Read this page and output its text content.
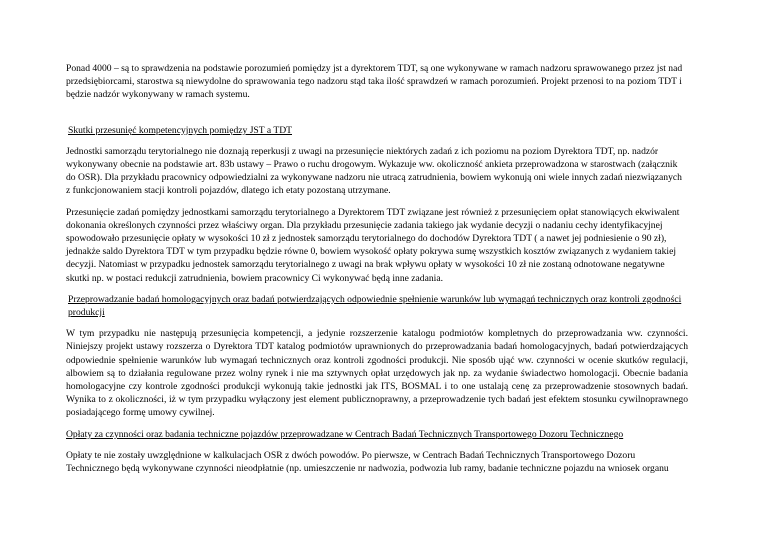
Ponad 4000 – są to sprawdzenia na podstawie porozumień pomiędzy jst a dyrektorem TDT, są one wykonywane w ramach nadzoru sprawowanego przez jst nad przedsiębiorcami, starostwa są niewydolne do sprawowania tego nadzoru stąd taka ilość sprawdzeń w ramach porozumień. Projekt przenosi to na poziom TDT i będzie nadzór wykonywany w ramach systemu.

Skutki przesunięć kompetencyjnych pomiędzy JST a TDT

Jednostki samorządu terytorialnego nie doznają reperkusji z uwagi na przesunięcie niektórych zadań z ich poziomu na poziom Dyrektora TDT, np. nadzór wykonywany obecnie na podstawie art. 83b ustawy – Prawo o ruchu drogowym. Wykazuje ww. okoliczność ankieta przeprowadzona w starostwach (załącznik do OSR). Dla przykładu pracownicy odpowiedzialni za wykonywane nadzoru nie utracą zatrudnienia, bowiem wykonują oni wiele innych zadań niezwiązanych z funkcjonowaniem stacji kontroli pojazdów, dlatego ich etaty pozostaną utrzymane.

Przesunięcie zadań pomiędzy jednostkami samorządu terytorialnego a Dyrektorem TDT związane jest również z przesunięciem opłat stanowiących ekwiwalent dokonania określonych czynności przez właściwy organ. Dla przykładu przesunięcie zadania takiego jak wydanie decyzji o nadaniu cechy identyfikacyjnej spowodowało przesunięcie opłaty w wysokości 10 zł z jednostek samorządu terytorialnego do dochodów Dyrektora TDT ( a nawet jej podniesienie o 90 zł), jednakże saldo Dyrektora TDT w tym przypadku będzie równe 0, bowiem wysokość opłaty pokrywa sumę wszystkich kosztów związanych z wydaniem takiej decyzji. Natomiast w przypadku jednostek samorządu terytorialnego z uwagi na brak wpływu opłaty w wysokości 10 zł nie zostaną odnotowane negatywne skutki np. w postaci redukcji zatrudnienia, bowiem pracownicy Ci wykonywać będą inne zadania.

Przeprowadzanie badań homologacyjnych oraz badań potwierdzających odpowiednie spełnienie warunków lub wymagań technicznych oraz kontroli zgodności produkcji

W tym przypadku nie następują przesunięcia kompetencji, a jedynie rozszerzenie katalogu podmiotów kompletnych do przeprowadzania ww. czynności. Niniejszy projekt ustawy rozszerza o Dyrektora TDT katalog podmiotów uprawnionych do przeprowadzania badań homologacyjnych, badań potwierdzających odpowiednie spełnienie warunków lub wymagań technicznych oraz kontroli zgodności produkcji. Nie sposób ująć ww. czynności w ocenie skutków regulacji, albowiem są to działania regulowane przez wolny rynek i nie ma sztywnych opłat urzędowych jak np. za wydanie świadectwo homologacji. Obecnie badania homologacyjne czy kontrole zgodności produkcji wykonują takie jednostki jak ITS, BOSMAL i to one ustalają cenę za przeprowadzenie stosownych badań. Wynika to z okoliczności, iż w tym przypadku wyłączony jest element publicznoprawny, a przeprowadzenie tych badań jest efektem stosunku cywilnoprawnego posiadającego formę umowy cywilnej.

Opłaty za czynności oraz badania techniczne pojazdów przeprowadzane w Centrach Badań Technicznych Transportowego Dozoru Technicznego

Opłaty te nie zostały uwzględnione w kalkulacjach OSR z dwóch powodów. Po pierwsze, w Centrach Badań Technicznych Transportowego Dozoru Technicznego będą wykonywane czynności nieodpłatnie (np. umieszczenie nr nadwozia, podwozia lub ramy, badanie techniczne pojazdu na wniosek organu
